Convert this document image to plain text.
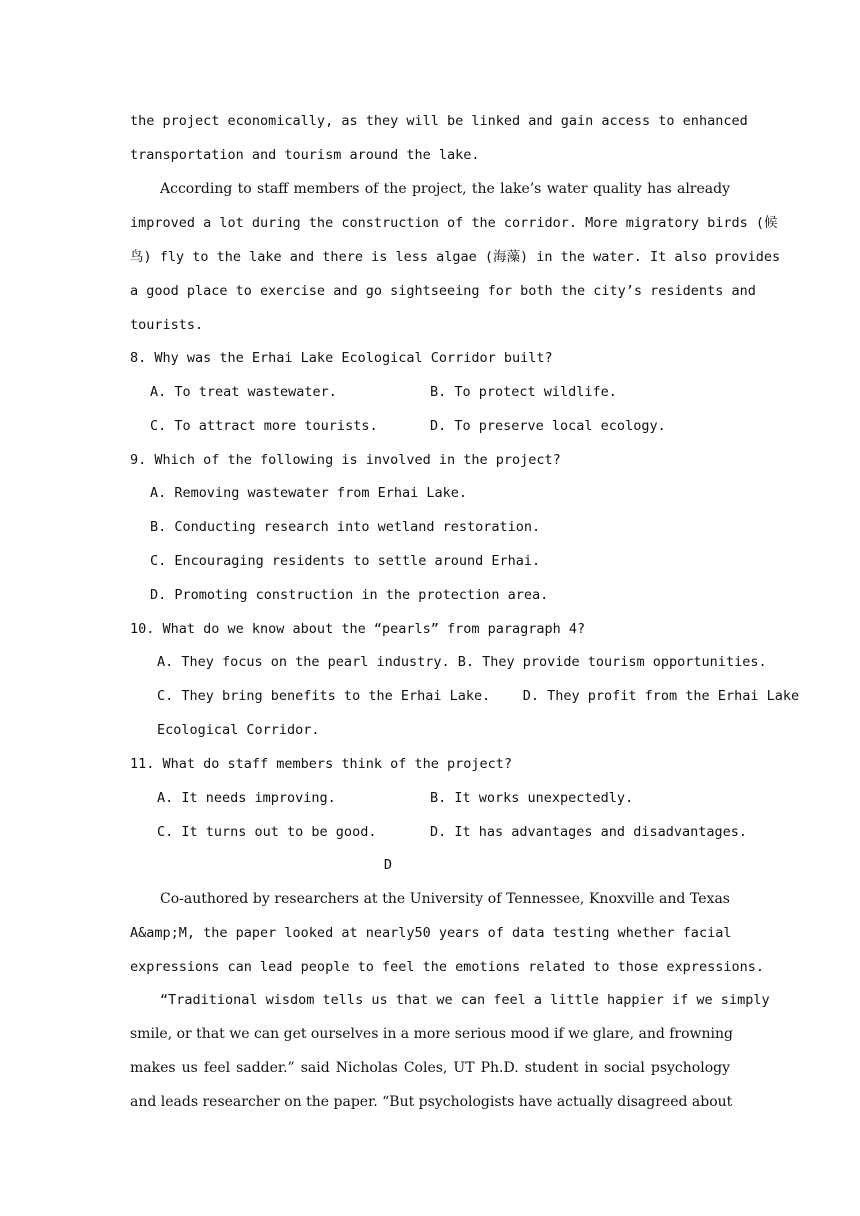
the project economically, as they will be linked and gain access to enhanced
transportation and tourism around the lake.
According to staff members of the project, the lake’s water quality has already
improved a lot during the construction of the corridor. More migratory birds (候
鸟) fly to the lake and there is less algae (海藻) in the water. It also provides
a good place to exercise and go sightseeing for both the city’s residents and
tourists.
8. Why was the Erhai Lake Ecological Corridor built?
A. To treat wastewater.	B. To protect wildlife.
C. To attract more tourists.	D. To preserve local ecology.
9. Which of the following is involved in the project?
A. Removing wastewater from Erhai Lake.
B. Conducting research into wetland restoration.
C. Encouraging residents to settle around Erhai.
D. Promoting construction in the protection area.
10. What do we know about the “pearls” from paragraph 4?
A. They focus on the pearl industry. B. They provide tourism opportunities.
C. They bring benefits to the Erhai Lake.    D. They profit from the Erhai Lake
Ecological Corridor.
11. What do staff members think of the project?
A. It needs improving.	B. It works unexpectedly.
C. It turns out to be good.	D. It has advantages and disadvantages.
D
Co-authored by researchers at the University of Tennessee, Knoxville and Texas
A&amp;M, the paper looked at nearly50 years of data testing whether facial
expressions can lead people to feel the emotions related to those expressions.
“Traditional wisdom tells us that we can feel a little happier if we simply
smile, or that we can get ourselves in a more serious mood if we glare, and frowning
makes us feel sadder.” said Nicholas Coles, UT Ph.D. student in social psychology
and leads researcher on the paper. “But psychologists have actually disagreed about
